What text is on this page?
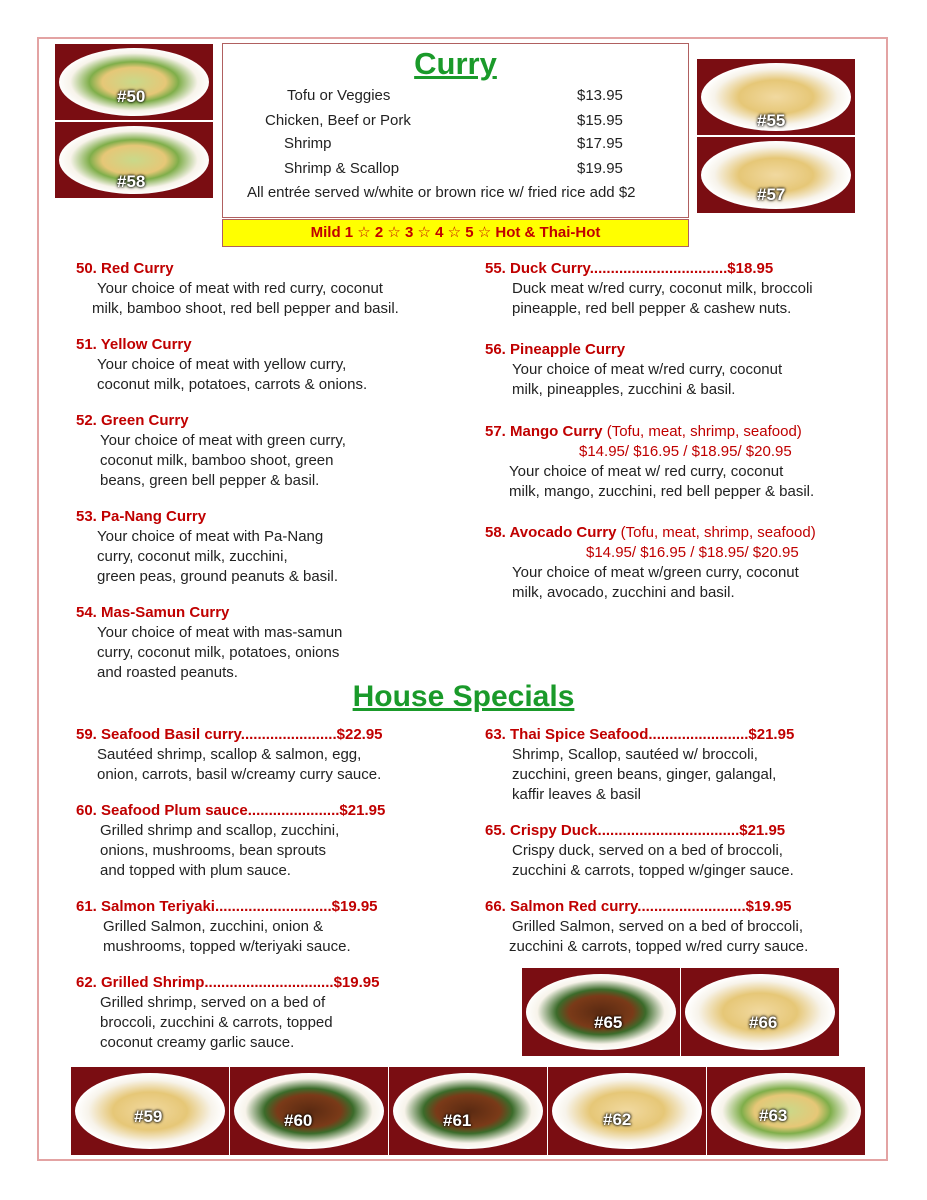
#50
#58
#55
#57
Curry
Tofu or Veggies	$13.95
Chicken, Beef or Pork	$15.95
Shrimp	$17.95
Shrimp & Scallop	$19.95
All entrée served w/white or brown rice w/ fried rice add $2
Mild 1 ☆ 2 ☆ 3 ☆ 4 ☆ 5 ☆ Hot & Thai-Hot
50. Red Curry
Your choice of meat with red curry, coconut
milk, bamboo shoot, red bell pepper and basil.
51. Yellow Curry
Your choice of meat with yellow curry,
coconut milk, potatoes, carrots & onions.
52. Green Curry
Your choice of meat with green curry,
coconut milk, bamboo shoot, green
beans, green bell pepper & basil.
53. Pa-Nang Curry
Your choice of meat with Pa-Nang
curry, coconut milk, zucchini,
green peas, ground peanuts & basil.
54. Mas-Samun Curry
Your choice of meat with mas-samun
curry, coconut milk, potatoes, onions
and roasted peanuts.
55. Duck Curry.................................$18.95
Duck meat w/red curry, coconut milk, broccoli
pineapple, red bell pepper & cashew nuts.
56. Pineapple Curry
Your choice of meat w/red curry, coconut
milk, pineapples, zucchini & basil.
57. Mango Curry (Tofu, meat, shrimp, seafood)
$14.95/ $16.95 / $18.95/ $20.95
Your choice of meat w/ red curry, coconut
milk, mango, zucchini, red bell pepper & basil.
58. Avocado Curry (Tofu, meat, shrimp, seafood)
$14.95/ $16.95 / $18.95/ $20.95
Your choice of meat w/green curry, coconut
milk, avocado, zucchini and basil.
House Specials
59. Seafood Basil curry.......................$22.95
Sautéed shrimp, scallop & salmon, egg,
onion, carrots, basil w/creamy curry sauce.
60. Seafood Plum sauce......................$21.95
Grilled shrimp and scallop, zucchini,
onions, mushrooms, bean sprouts
and topped with plum sauce.
61. Salmon Teriyaki............................$19.95
Grilled Salmon, zucchini, onion &
mushrooms, topped w/teriyaki sauce.
62. Grilled Shrimp...............................$19.95
Grilled shrimp, served on a bed of
broccoli, zucchini & carrots, topped
coconut creamy garlic sauce.
63. Thai Spice Seafood........................$21.95
Shrimp, Scallop, sautéed w/ broccoli,
zucchini, green beans, ginger, galangal,
kaffir leaves & basil
65. Crispy Duck..................................$21.95
Crispy duck, served on a bed of broccoli,
zucchini & carrots, topped w/ginger sauce.
66. Salmon Red curry..........................$19.95
Grilled Salmon, served on a bed of broccoli,
zucchini & carrots, topped w/red curry sauce.
#65	#66
#59	#60	#61	#62	#63
